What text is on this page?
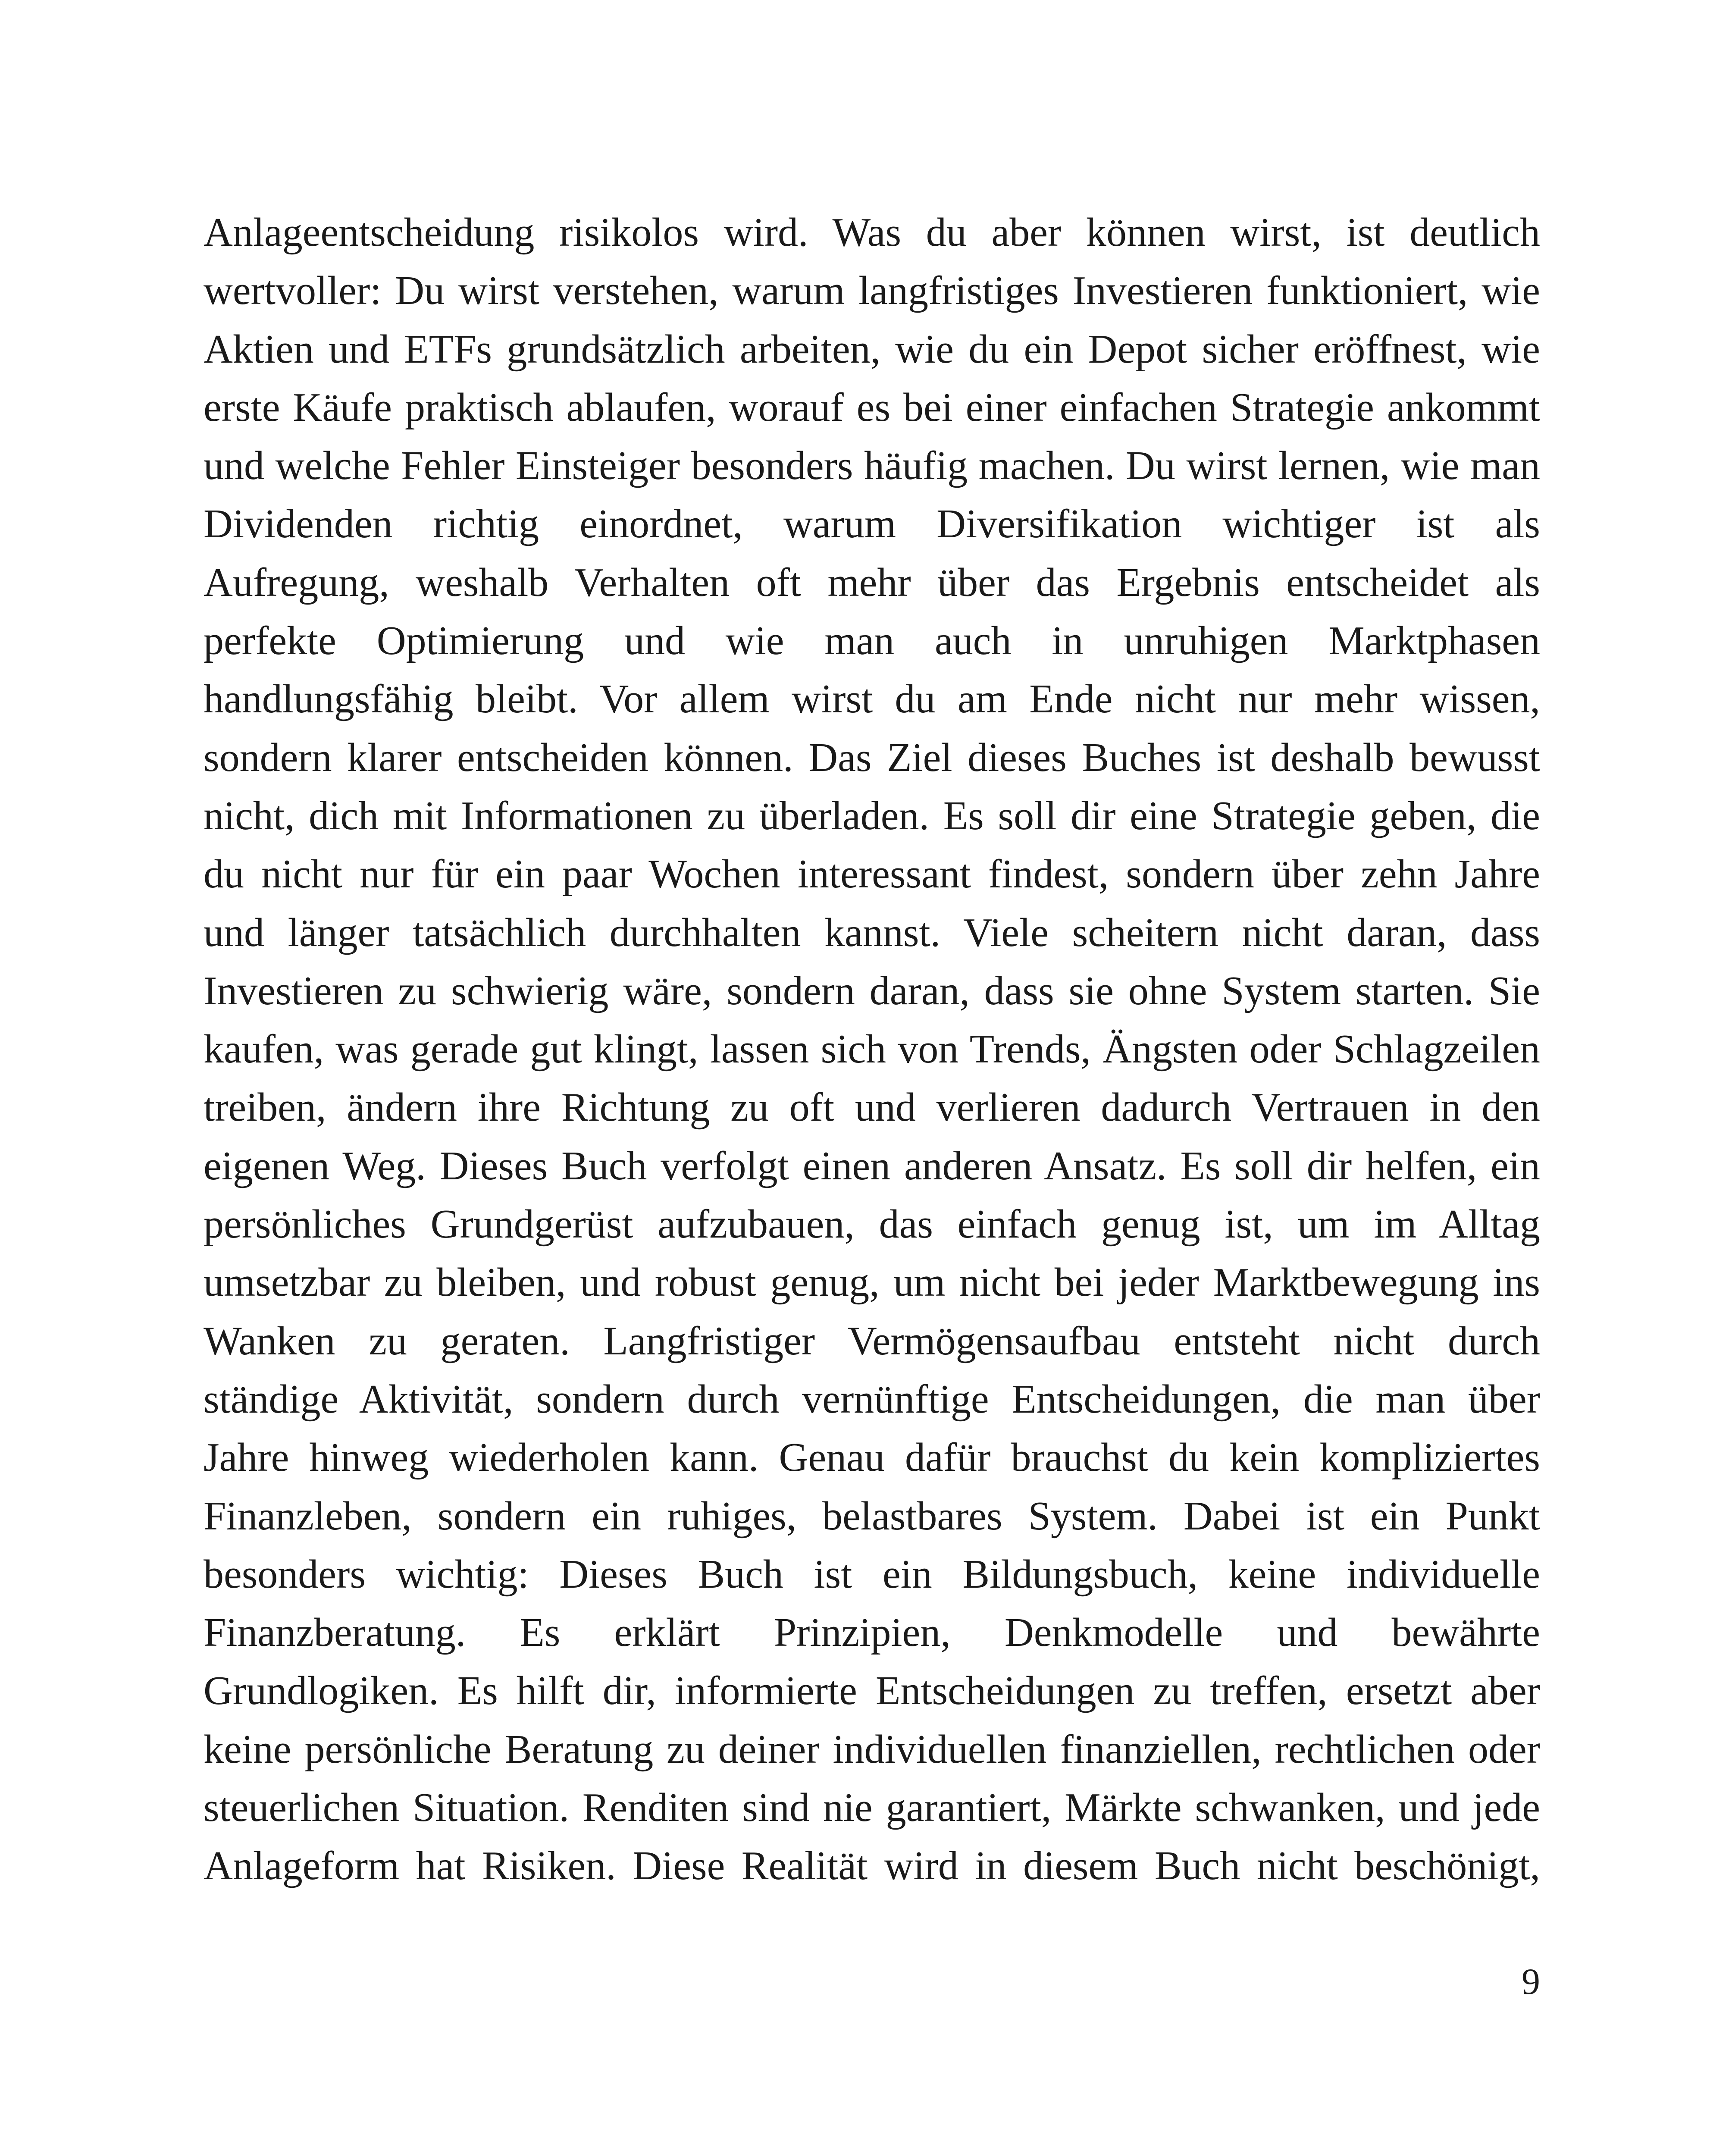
Anlageentscheidung risikolos wird. Was du aber können wirst, ist deutlich
wertvoller: Du wirst verstehen, warum langfristiges Investieren funktioniert, wie
Aktien und ETFs grundsätzlich arbeiten, wie du ein Depot sicher eröffnest, wie
erste Käufe praktisch ablaufen, worauf es bei einer einfachen Strategie ankommt
und welche Fehler Einsteiger besonders häufig machen. Du wirst lernen, wie man
Dividenden richtig einordnet, warum Diversifikation wichtiger ist als
Aufregung, weshalb Verhalten oft mehr über das Ergebnis entscheidet als
perfekte Optimierung und wie man auch in unruhigen Marktphasen
handlungsfähig bleibt. Vor allem wirst du am Ende nicht nur mehr wissen,
sondern klarer entscheiden können. Das Ziel dieses Buches ist deshalb bewusst
nicht, dich mit Informationen zu überladen. Es soll dir eine Strategie geben, die
du nicht nur für ein paar Wochen interessant findest, sondern über zehn Jahre
und länger tatsächlich durchhalten kannst. Viele scheitern nicht daran, dass
Investieren zu schwierig wäre, sondern daran, dass sie ohne System starten. Sie
kaufen, was gerade gut klingt, lassen sich von Trends, Ängsten oder Schlagzeilen
treiben, ändern ihre Richtung zu oft und verlieren dadurch Vertrauen in den
eigenen Weg. Dieses Buch verfolgt einen anderen Ansatz. Es soll dir helfen, ein
persönliches Grundgerüst aufzubauen, das einfach genug ist, um im Alltag
umsetzbar zu bleiben, und robust genug, um nicht bei jeder Marktbewegung ins
Wanken zu geraten. Langfristiger Vermögensaufbau entsteht nicht durch
ständige Aktivität, sondern durch vernünftige Entscheidungen, die man über
Jahre hinweg wiederholen kann. Genau dafür brauchst du kein kompliziertes
Finanzleben, sondern ein ruhiges, belastbares System. Dabei ist ein Punkt
besonders wichtig: Dieses Buch ist ein Bildungsbuch, keine individuelle
Finanzberatung. Es erklärt Prinzipien, Denkmodelle und bewährte
Grundlogiken. Es hilft dir, informierte Entscheidungen zu treffen, ersetzt aber
keine persönliche Beratung zu deiner individuellen finanziellen, rechtlichen oder
steuerlichen Situation. Renditen sind nie garantiert, Märkte schwanken, und jede
Anlageform hat Risiken. Diese Realität wird in diesem Buch nicht beschönigt,
9
